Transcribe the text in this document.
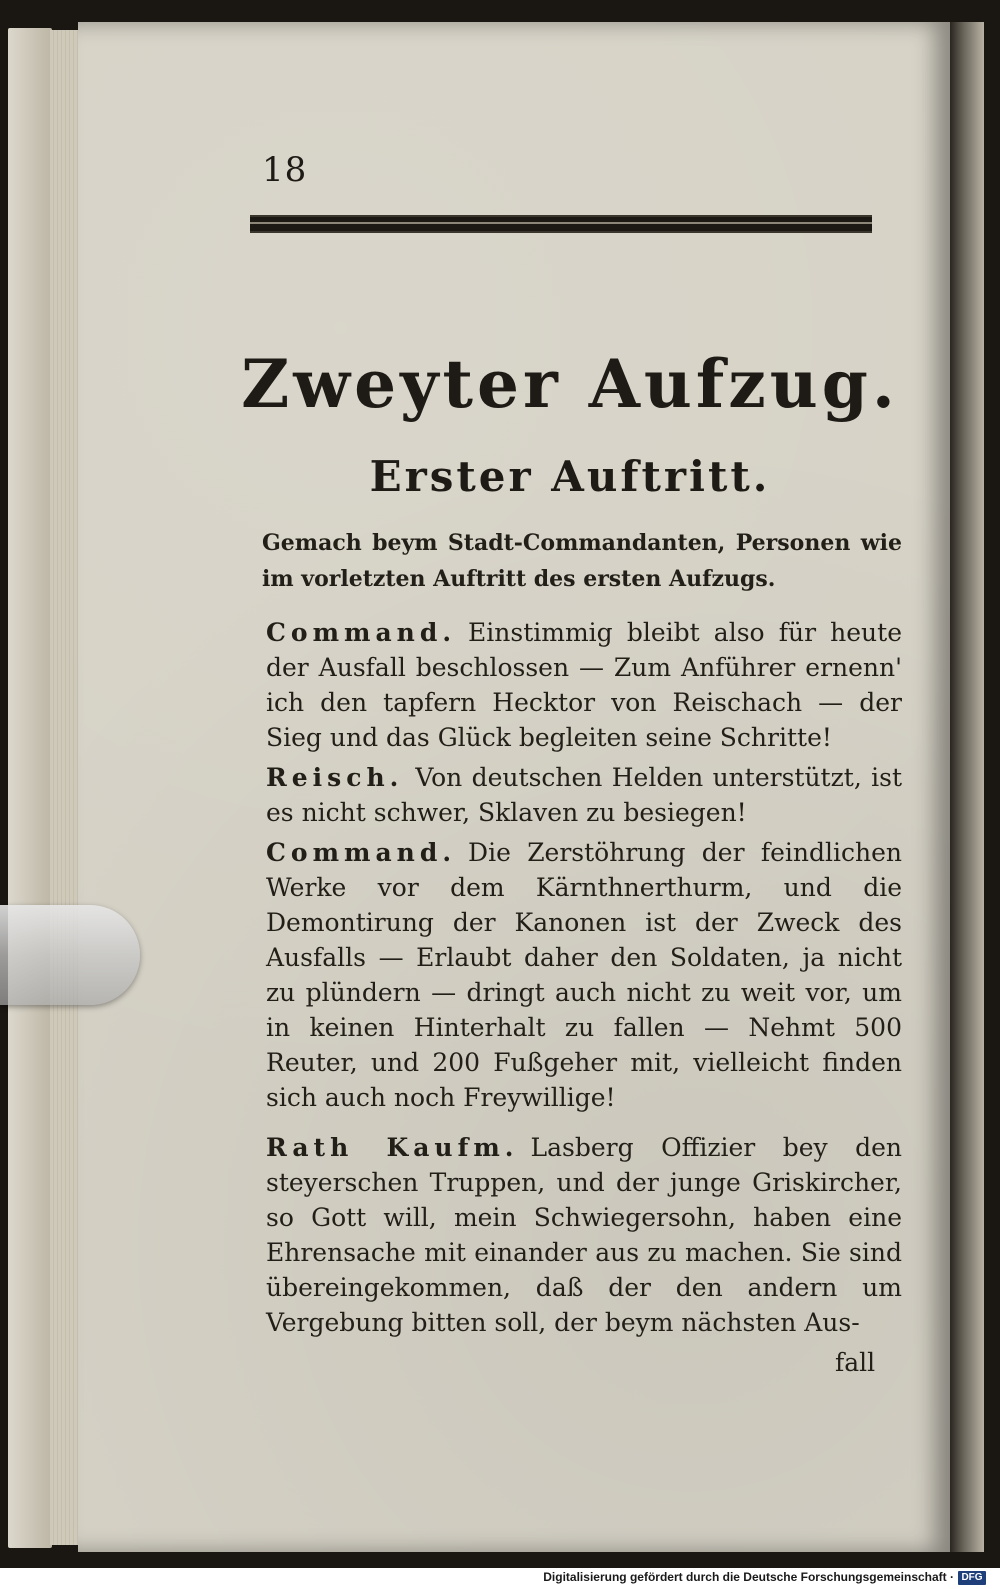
18
Zweyter Aufzug.
Erster Auftritt.
Gemach beym Stadt-Commandanten, Personen wie im vorletzten Auftritt des ersten Aufzugs.
Command. Einstimmig bleibt also für heute der Ausfall beschlossen — Zum Anführer ernenn' ich den tapfern Hecktor von Reischach — der Sieg und das Glück begleiten seine Schritte!
Reisch. Von deutschen Helden unterstützt, ist es nicht schwer, Sklaven zu besiegen!
Command. Die Zerstöhrung der feindlichen Werke vor dem Kärnthnerthurm, und die Demontirung der Kanonen ist der Zweck des Ausfalls — Erlaubt daher den Soldaten, ja nicht zu plündern — dringt auch nicht zu weit vor, um in keinen Hinterhalt zu fallen — Nehmt 500 Reuter, und 200 Fußgeher mit, vielleicht finden sich auch noch Freywillige!
Rath Kaufm. Lasberg Offizier bey den steyerschen Truppen, und der junge Griskircher, so Gott will, mein Schwiegersohn, haben eine Ehrensache mit einander aus zu machen. Sie sind übereingekommen, daß der den andern um Vergebung bitten soll, der beym nächsten Aus-
fall
Digitalisierung gefördert durch die Deutsche Forschungsgemeinschaft · DFG
